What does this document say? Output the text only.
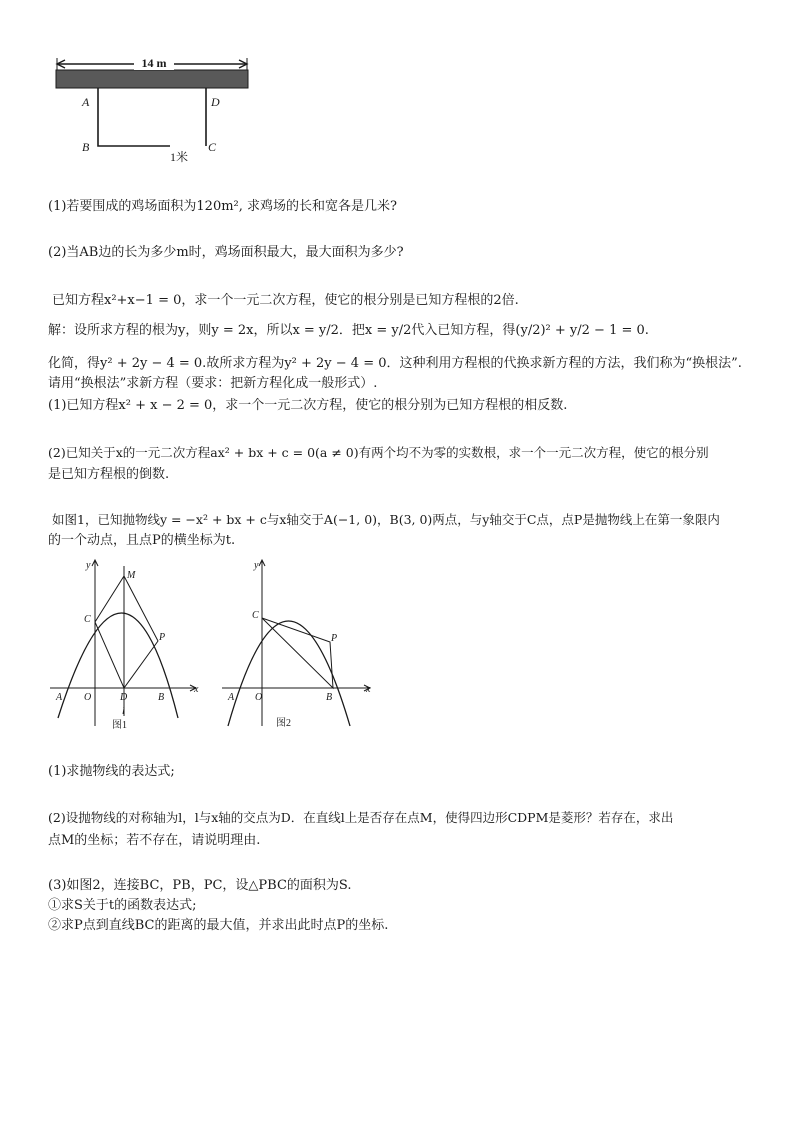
14 m
A	D
B	C
1米

(1)若要围成的鸡场面积为120m², 求鸡场的长和宽各是几米?

(2)当AB边的长为多少m时，鸡场面积最大，最大面积为多少?

已知方程x²+x−1 = 0，求一个一元二次方程，使它的根分别是已知方程根的2倍.

解：设所求方程的根为y，则y = 2x，所以x = y/2．把x = y/2代入已知方程，得(y/2)² + y/2 − 1 = 0.

化简，得y² + 2y − 4 = 0.故所求方程为y² + 2y − 4 = 0．这种利用方程根的代换求新方程的方法，我们称为“换根法”.

请用“换根法”求新方程（要求：把新方程化成一般形式）.

(1)已知方程x² + x − 2 = 0，求一个一元二次方程，使它的根分别为已知方程根的相反数.

(2)已知关于x的一元二次方程ax² + bx + c = 0(a ≠ 0)有两个均不为零的实数根，求一个一元二次方程，使它的根分别

是已知方程根的倒数.

如图1，已知抛物线y = −x² + bx + c与x轴交于A(−1, 0)，B(3, 0)两点，与y轴交于C点，点P是抛物线上在第一象限内

的一个动点，且点P的横坐标为t.

y
x
M
C
P
A O	D	B
l
图1
y
x
C
P
A O	B
图2

(1)求抛物线的表达式;

(2)设抛物线的对称轴为l，l与x轴的交点为D．在直线l上是否存在点M，使得四边形CDPM是菱形？若存在，求出

点M的坐标；若不存在，请说明理由.

(3)如图2，连接BC，PB，PC，设△PBC的面积为S.

①求S关于t的函数表达式;

②求P点到直线BC的距离的最大值，并求出此时点P的坐标.
